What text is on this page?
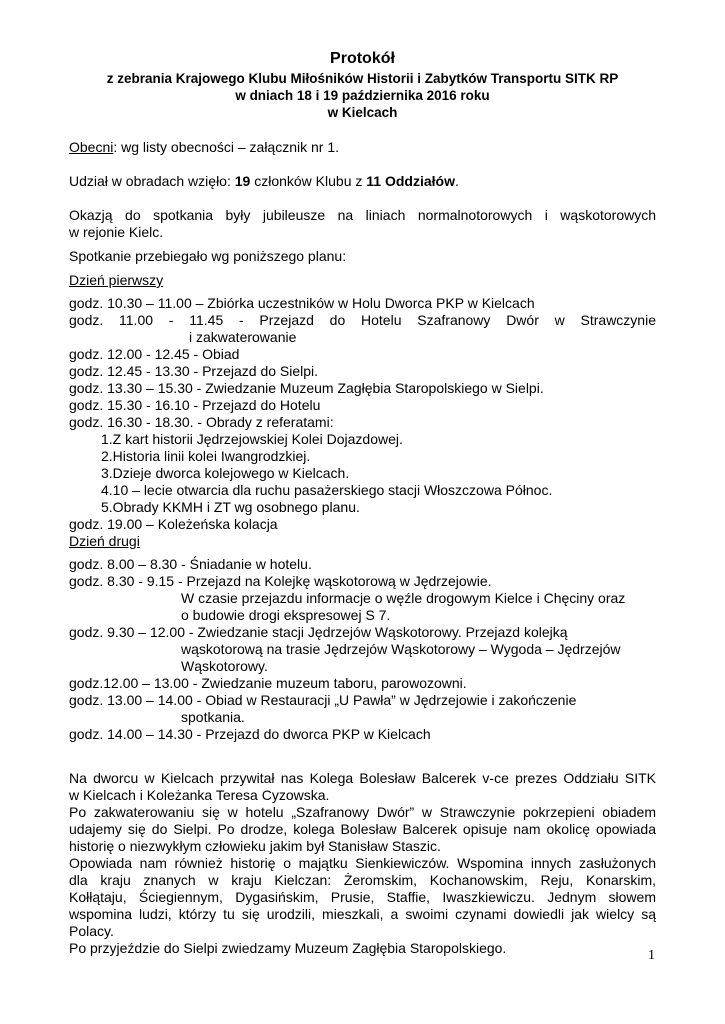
Protokół
z zebrania Krajowego Klubu Miłośników Historii i Zabytków Transportu SITK RP
w dniach 18 i 19 października 2016 roku
w Kielcach
Obecni: wg listy obecności – załącznik nr 1.
Udział w obradach wzięło: 19 członków Klubu z 11 Oddziałów.
Okazją do spotkania były jubileusze na liniach normalnotorowych i wąskotorowych
w rejonie Kielc.
Spotkanie przebiegało wg poniższego planu:
Dzień pierwszy
godz. 10.30 – 11.00 – Zbiórka uczestników w Holu Dworca PKP w Kielcach
godz. 11.00 - 11.45 - Przejazd do Hotelu Szafranowy Dwór w Strawczynie
i zakwaterowanie
godz. 12.00 - 12.45 - Obiad
godz. 12.45 - 13.30 - Przejazd do Sielpi.
godz. 13.30 – 15.30 - Zwiedzanie Muzeum Zagłębia Staropolskiego w Sielpi.
godz. 15.30 - 16.10 - Przejazd do Hotelu
godz. 16.30 - 18.30. - Obrady z referatami:
1.Z kart historii Jędrzejowskiej Kolei Dojazdowej.
2.Historia linii kolei Iwangrodzkiej.
3.Dzieje dworca kolejowego w Kielcach.
4.10 – lecie otwarcia dla ruchu pasażerskiego stacji Włoszczowa Północ.
5.Obrady KKMH i ZT wg osobnego planu.
godz. 19.00 – Koleżeńska kolacja
Dzień drugi
godz. 8.00 – 8.30 - Śniadanie w hotelu.
godz. 8.30 - 9.15 - Przejazd na Kolejkę wąskotorową w Jędrzejowie.
W czasie przejazdu informacje o węźle drogowym Kielce i Chęciny oraz
o budowie drogi ekspresowej S 7.
godz. 9.30 – 12.00 - Zwiedzanie stacji Jędrzejów Wąskotorowy. Przejazd kolejką
wąskotorową na trasie Jędrzejów Wąskotorowy – Wygoda – Jędrzejów
Wąskotorowy.
godz.12.00 – 13.00 - Zwiedzanie muzeum taboru, parowozowni.
godz. 13.00 – 14.00 - Obiad w Restauracji „U Pawła” w Jędrzejowie i zakończenie
spotkania.
godz. 14.00 – 14.30 - Przejazd do dworca PKP w Kielcach
Na dworcu w Kielcach przywitał nas Kolega Bolesław Balcerek v-ce prezes Oddziału SITK
w Kielcach i Koleżanka Teresa Cyzowska.
Po zakwaterowaniu się w hotelu „Szafranowy Dwór” w Strawczynie pokrzepieni obiadem
udajemy się do Sielpi. Po drodze, kolega Bolesław Balcerek opisuje nam okolicę opowiada
historię o niezwykłym człowieku jakim był Stanisław Staszic.
Opowiada nam również historię o majątku Sienkiewiczów. Wspomina innych zasłużonych
dla kraju znanych w kraju Kielczan: Żeromskim, Kochanowskim, Reju, Konarskim,
Kołłątaju, Ściegiennym, Dygasińskim, Prusie, Staffie, Iwaszkiewiczu. Jednym słowem
wspomina ludzi, którzy tu się urodzili, mieszkali, a swoimi czynami dowiedli jak wielcy są
Polacy.
Po przyjeździe do Sielpi zwiedzamy Muzeum Zagłębia Staropolskiego.	1
